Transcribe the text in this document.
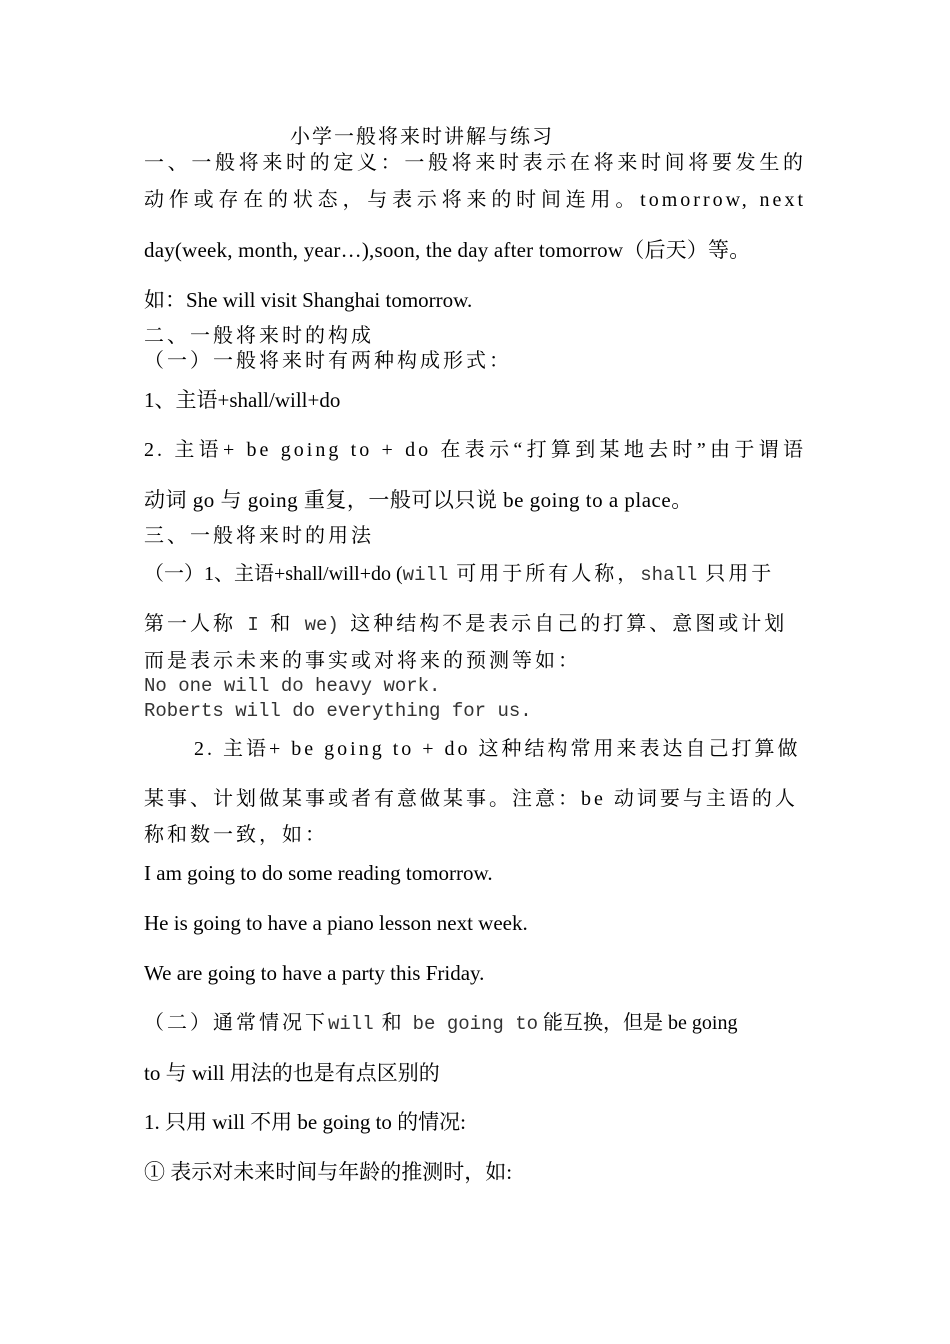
小学一般将来时讲解与练习
一、一般将来时的定义：一般将来时表示在将来时间将要发生的
动作或存在的状态，与表示将来的时间连用。tomorrow, next
day(week, month, year…),soon, the day after tomorrow（后天）等。
如：She will visit Shanghai tomorrow.
二、一般将来时的构成
（一）一般将来时有两种构成形式：
1、主语+shall/will+do
2. 主语+ be going to + do 在表示“打算到某地去时”由于谓语
动词 go 与 going 重复，一般可以只说 be going to a place。
三、一般将来时的用法
（一）1、主语+shall/will+do (will 可用于所有人称，shall 只用于
第一人称 I 和 we) 这种结构不是表示自己的打算、意图或计划
而是表示未来的事实或对将来的预测等如：
No one will do heavy work.
Roberts will do everything for us.
2. 主语+ be going to + do 这种结构常用来表达自己打算做
某事、计划做某事或者有意做某事。注意：be 动词要与主语的人
称和数一致，如：
I am going to do some reading tomorrow.
He is going to have a piano lesson next week.
We are going to have a party this Friday.
（二）通常情况下will 和 be going to 能互换，但是 be going
to 与 will 用法的也是有点区别的
1. 只用 will 不用 be going to 的情况:
① 表示对未来时间与年龄的推测时，如:
